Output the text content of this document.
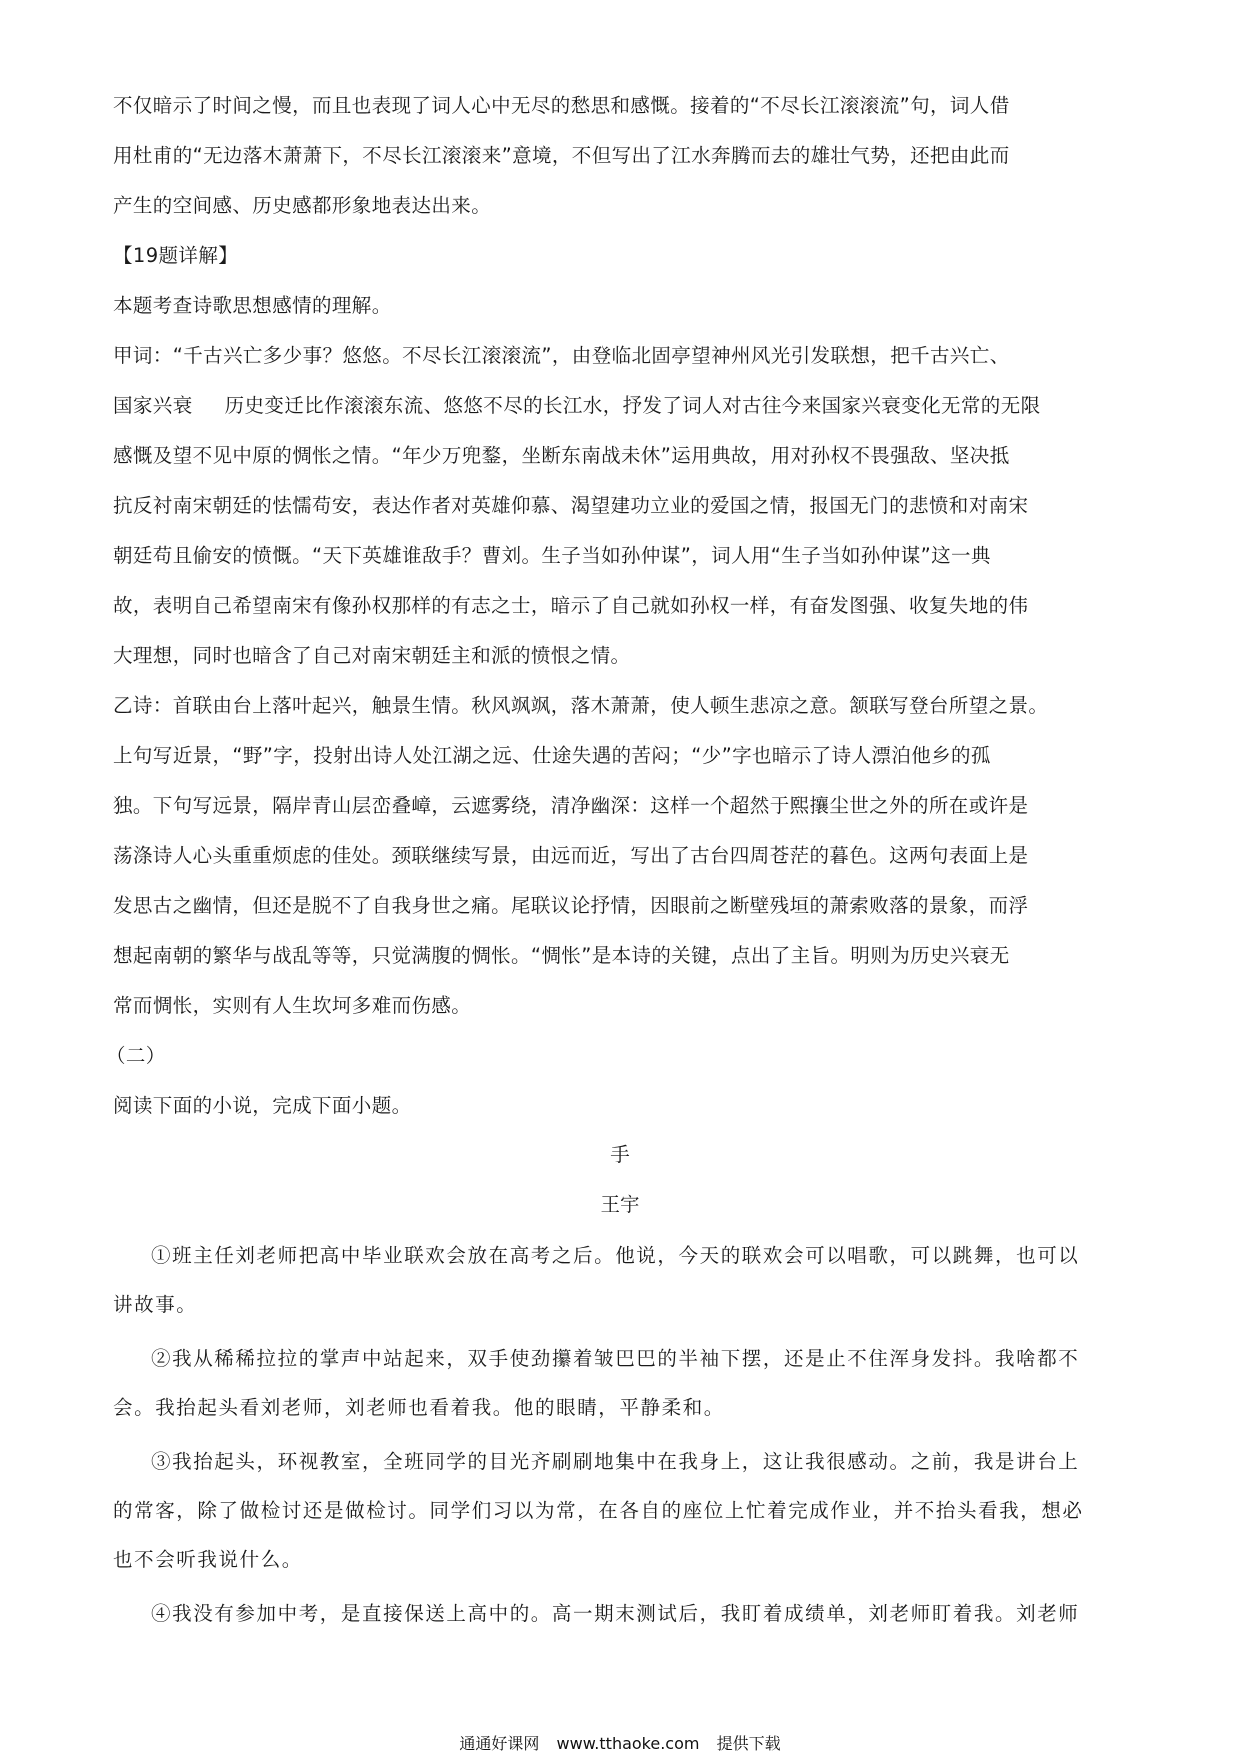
不仅暗示了时间之慢，而且也表现了词人心中无尽的愁思和感慨。接着的“不尽长江滚滚流”句，词人借
用杜甫的“无边落木萧萧下，不尽长江滚滚来”意境，不但写出了江水奔腾而去的雄壮气势，还把由此而
产生的空间感、历史感都形象地表达出来。
【19题详解】
本题考查诗歌思想感情的理解。
甲词：“千古兴亡多少事？悠悠。不尽长江滚滚流”，由登临北固亭望神州风光引发联想，把千古兴亡、
国家兴衰 历史变迁比作滚滚东流、悠悠不尽的长江水，抒发了词人对古往今来国家兴衰变化无常的无限
感慨及望不见中原的惆怅之情。“年少万兜鍪，坐断东南战未休”运用典故，用对孙权不畏强敌、坚决抵
抗反衬南宋朝廷的怯懦苟安，表达作者对英雄仰慕、渴望建功立业的爱国之情，报国无门的悲愤和对南宋
朝廷苟且偷安的愤慨。“天下英雄谁敌手？曹刘。生子当如孙仲谋”，词人用“生子当如孙仲谋”这一典
故，表明自己希望南宋有像孙权那样的有志之士，暗示了自己就如孙权一样，有奋发图强、收复失地的伟
大理想，同时也暗含了自己对南宋朝廷主和派的愤恨之情。
乙诗：首联由台上落叶起兴，触景生情。秋风飒飒，落木萧萧，使人顿生悲凉之意。颔联写登台所望之景。
上句写近景，“野”字，投射出诗人处江湖之远、仕途失遇的苦闷；“少”字也暗示了诗人漂泊他乡的孤
独。下句写远景，隔岸青山层峦叠嶂，云遮雾绕，清净幽深：这样一个超然于熙攘尘世之外的所在或许是
荡涤诗人心头重重烦虑的佳处。颈联继续写景，由远而近，写出了古台四周苍茫的暮色。这两句表面上是
发思古之幽情，但还是脱不了自我身世之痛。尾联议论抒情，因眼前之断壁残垣的萧索败落的景象，而浮
想起南朝的繁华与战乱等等，只觉满腹的惆怅。“惆怅”是本诗的关键，点出了主旨。明则为历史兴衰无
常而惆怅，实则有人生坎坷多难而伤感。
（二）
阅读下面的小说，完成下面小题。
手
王宇
①班主任刘老师把高中毕业联欢会放在高考之后。他说，今天的联欢会可以唱歌，可以跳舞，也可以
讲故事。
②我从稀稀拉拉的掌声中站起来，双手使劲攥着皱巴巴的半袖下摆，还是止不住浑身发抖。我啥都不
会。我抬起头看刘老师，刘老师也看着我。他的眼睛，平静柔和。
③我抬起头，环视教室，全班同学的目光齐刷刷地集中在我身上，这让我很感动。之前，我是讲台上
的常客，除了做检讨还是做检讨。同学们习以为常，在各自的座位上忙着完成作业，并不抬头看我，想必
也不会听我说什么。
④我没有参加中考，是直接保送上高中的。高一期末测试后，我盯着成绩单，刘老师盯着我。刘老师
通通好课网 www.tthaoke.com 提供下载
